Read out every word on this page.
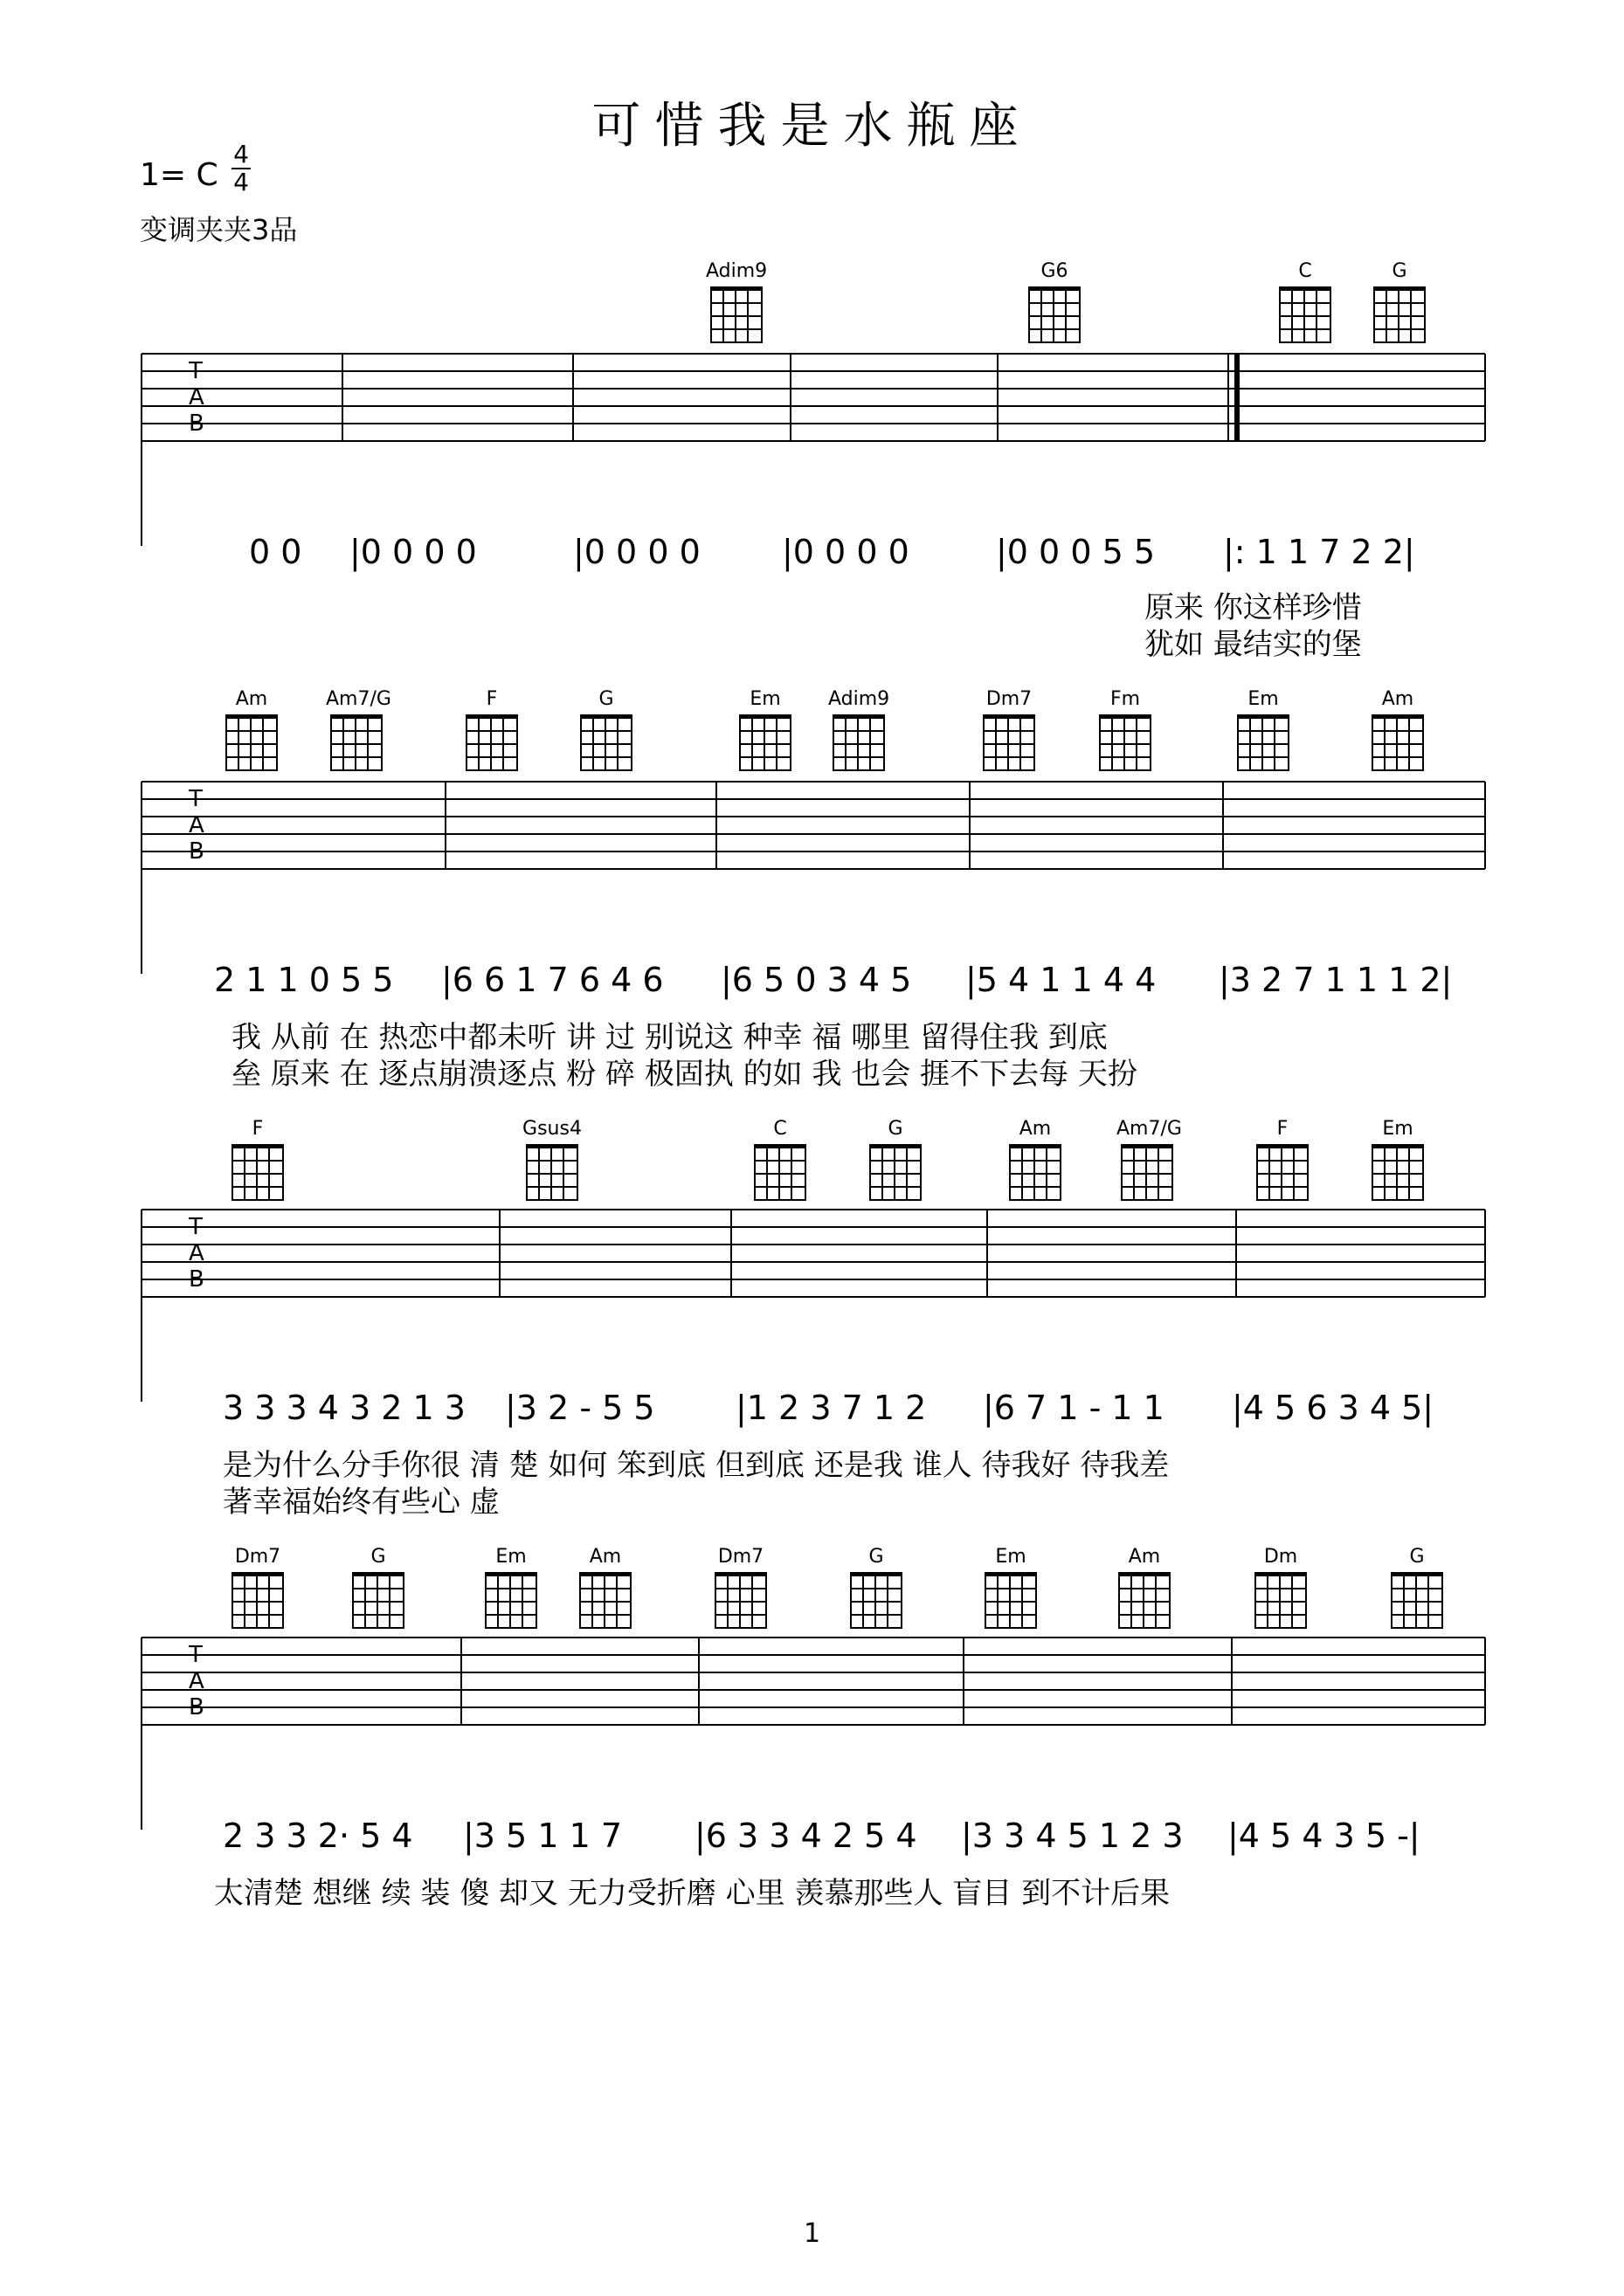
可惜我是水瓶座
1= C
4
4
变调夹夹3品
Adim9	G6	C	G
T
A
B
0 0 |0 0 0 0	|0 0 0 0 |0 0 0 0	|0 0 0 5 5 |: 1 1 7 2 2|
原来 你这样珍惜
犹如 最结实的堡
Am	Am7/G	F	G	Em	Adim9	Dm7	Fm	Em	Am
T
A
B
2 1 1 0 5 5 |6 6 1 7 6 4 6 |6 5 0 3 4 5 |5 4 1 1 4 4 |3 2 7 1 1 1 2|
我 从前 在 热恋中都未听 讲 过 别说这 种幸 福 哪里 留得住我 到底
垒 原来 在 逐点崩溃逐点 粉 碎 极固执 的如 我 也会 捱不下去每 天扮
F	Gsus4	C	G	Am	Am7/G	F	Em
T
A
B
3 3 3 4 3 2 1 3 |3 2 - 5 5 |1 2 3 7 1 2 |6 7 1 - 1 1 |4 5 6 3 4 5|
是为什么分手你很 清 楚 如何 笨到底 但到底 还是我 谁人 待我好 待我差
著幸福始终有些心 虚
Dm7	G	Em	Am	Dm7	G	Em	Am	Dm	G
T
A
B
2 3 3 2· 5 4 |3 5 1 1 7 |6 3 3 4 2 5 4 |3 3 4 5 1 2 3 |4 5 4 3 5 -|
太清楚 想继 续 装 傻 却又 无力受折磨 心里 羡慕那些人 盲目 到不计后果
1
